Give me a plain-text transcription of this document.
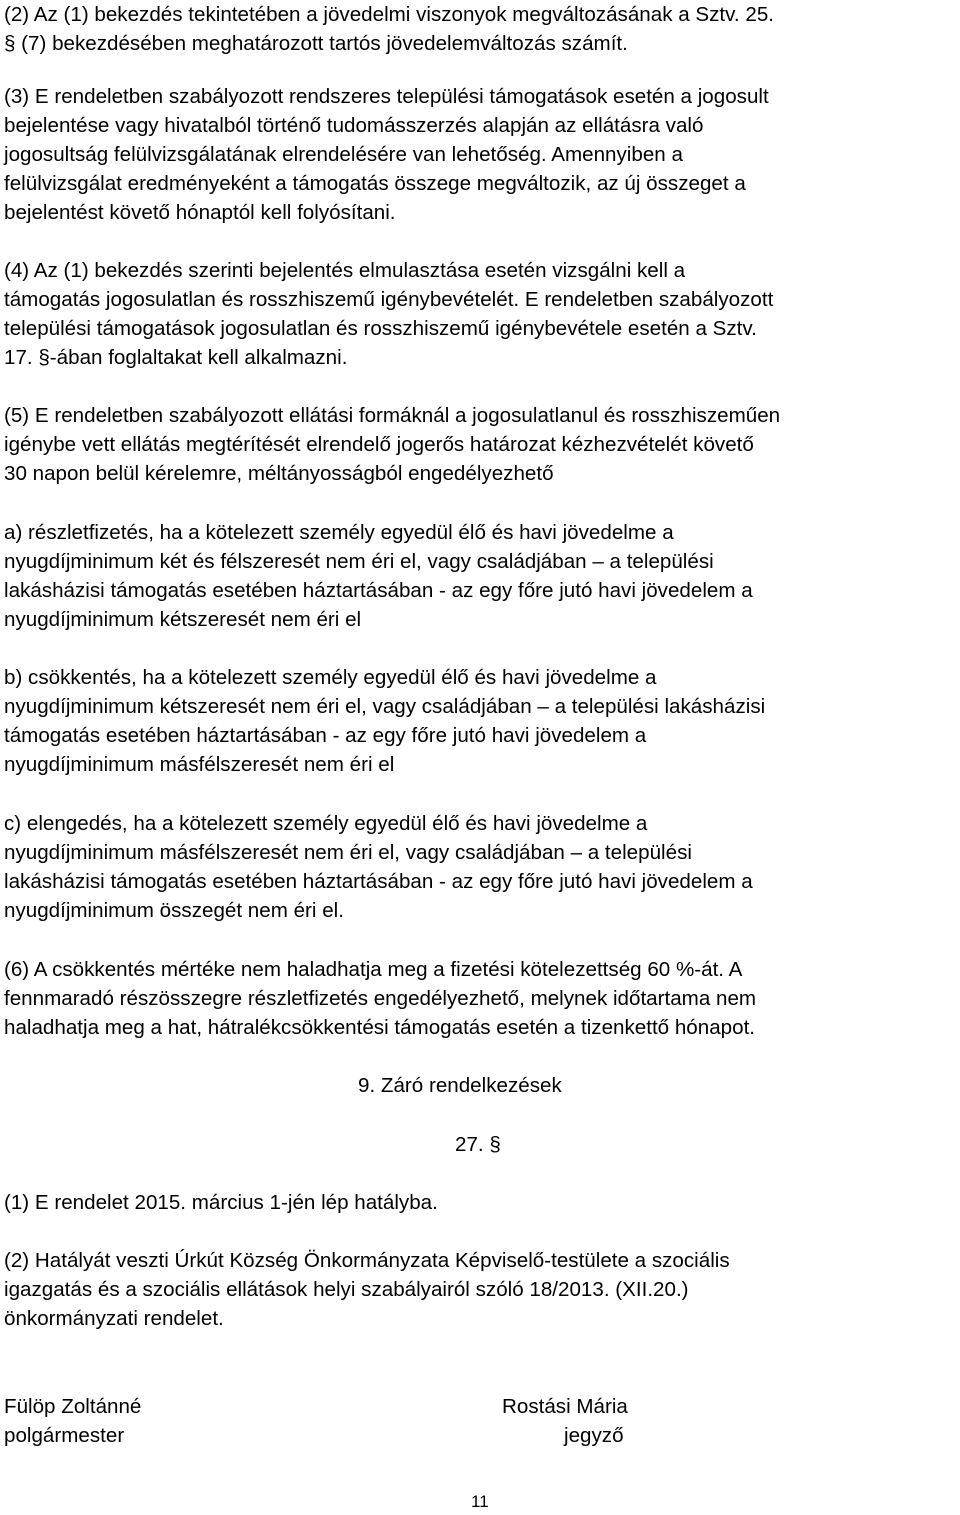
(2) Az (1) bekezdés tekintetében a jövedelmi viszonyok megváltozásának a Sztv. 25.
§ (7) bekezdésében meghatározott tartós jövedelemváltozás számít.
(3) E rendeletben szabályozott rendszeres települési támogatások esetén a jogosult
bejelentése vagy hivatalból történő tudomásszerzés alapján az ellátásra való
jogosultság felülvizsgálatának elrendelésére van lehetőség. Amennyiben a
felülvizsgálat eredményeként a támogatás összege megváltozik, az új összeget a
bejelentést követő hónaptól kell folyósítani.
(4) Az (1) bekezdés szerinti bejelentés elmulasztása esetén vizsgálni kell a
támogatás jogosulatlan és rosszhiszemű igénybevételét. E rendeletben szabályozott
települési támogatások jogosulatlan és rosszhiszemű igénybevétele esetén a Sztv.
17. §-ában foglaltakat kell alkalmazni.
(5) E rendeletben szabályozott ellátási formáknál a jogosulatlanul és rosszhiszeműen
igénybe vett ellátás megtérítését elrendelő jogerős határozat kézhezvételét követő
30 napon belül kérelemre, méltányosságból engedélyezhető
a) részletfizetés, ha a kötelezett személy egyedül élő és havi jövedelme a
nyugdíjminimum két és félszeresét nem éri el, vagy családjában – a települési
lakásházisi támogatás esetében háztartásában - az egy főre jutó havi jövedelem a
nyugdíjminimum kétszeresét nem éri el
b) csökkentés, ha a kötelezett személy egyedül élő és havi jövedelme a
nyugdíjminimum kétszeresét nem éri el, vagy családjában – a települési lakásházisi
támogatás esetében háztartásában - az egy főre jutó havi jövedelem a
nyugdíjminimum másfélszeresét nem éri el
c) elengedés, ha a kötelezett személy egyedül élő és havi jövedelme a
nyugdíjminimum másfélszeresét nem éri el, vagy családjában – a települési
lakásházisi támogatás esetében háztartásában - az egy főre jutó havi jövedelem a
nyugdíjminimum összegét nem éri el.
(6) A csökkentés mértéke nem haladhatja meg a fizetési kötelezettség 60 %-át. A
fennmaradó részösszegre részletfizetés engedélyezhető, melynek időtartama nem
haladhatja meg a hat, hátralékcsökkentési támogatás esetén a tizenkettő hónapot.
9. Záró rendelkezések
27. §
(1) E rendelet 2015. március 1-jén lép hatályba.
(2) Hatályát veszti Úrkút Község Önkormányzata Képviselő-testülete a szociális
igazgatás és a szociális ellátások helyi szabályairól szóló 18/2013. (XII.20.)
önkormányzati rendelet.
Fülöp Zoltánné
polgármester
Rostási Mária
jegyző
11
